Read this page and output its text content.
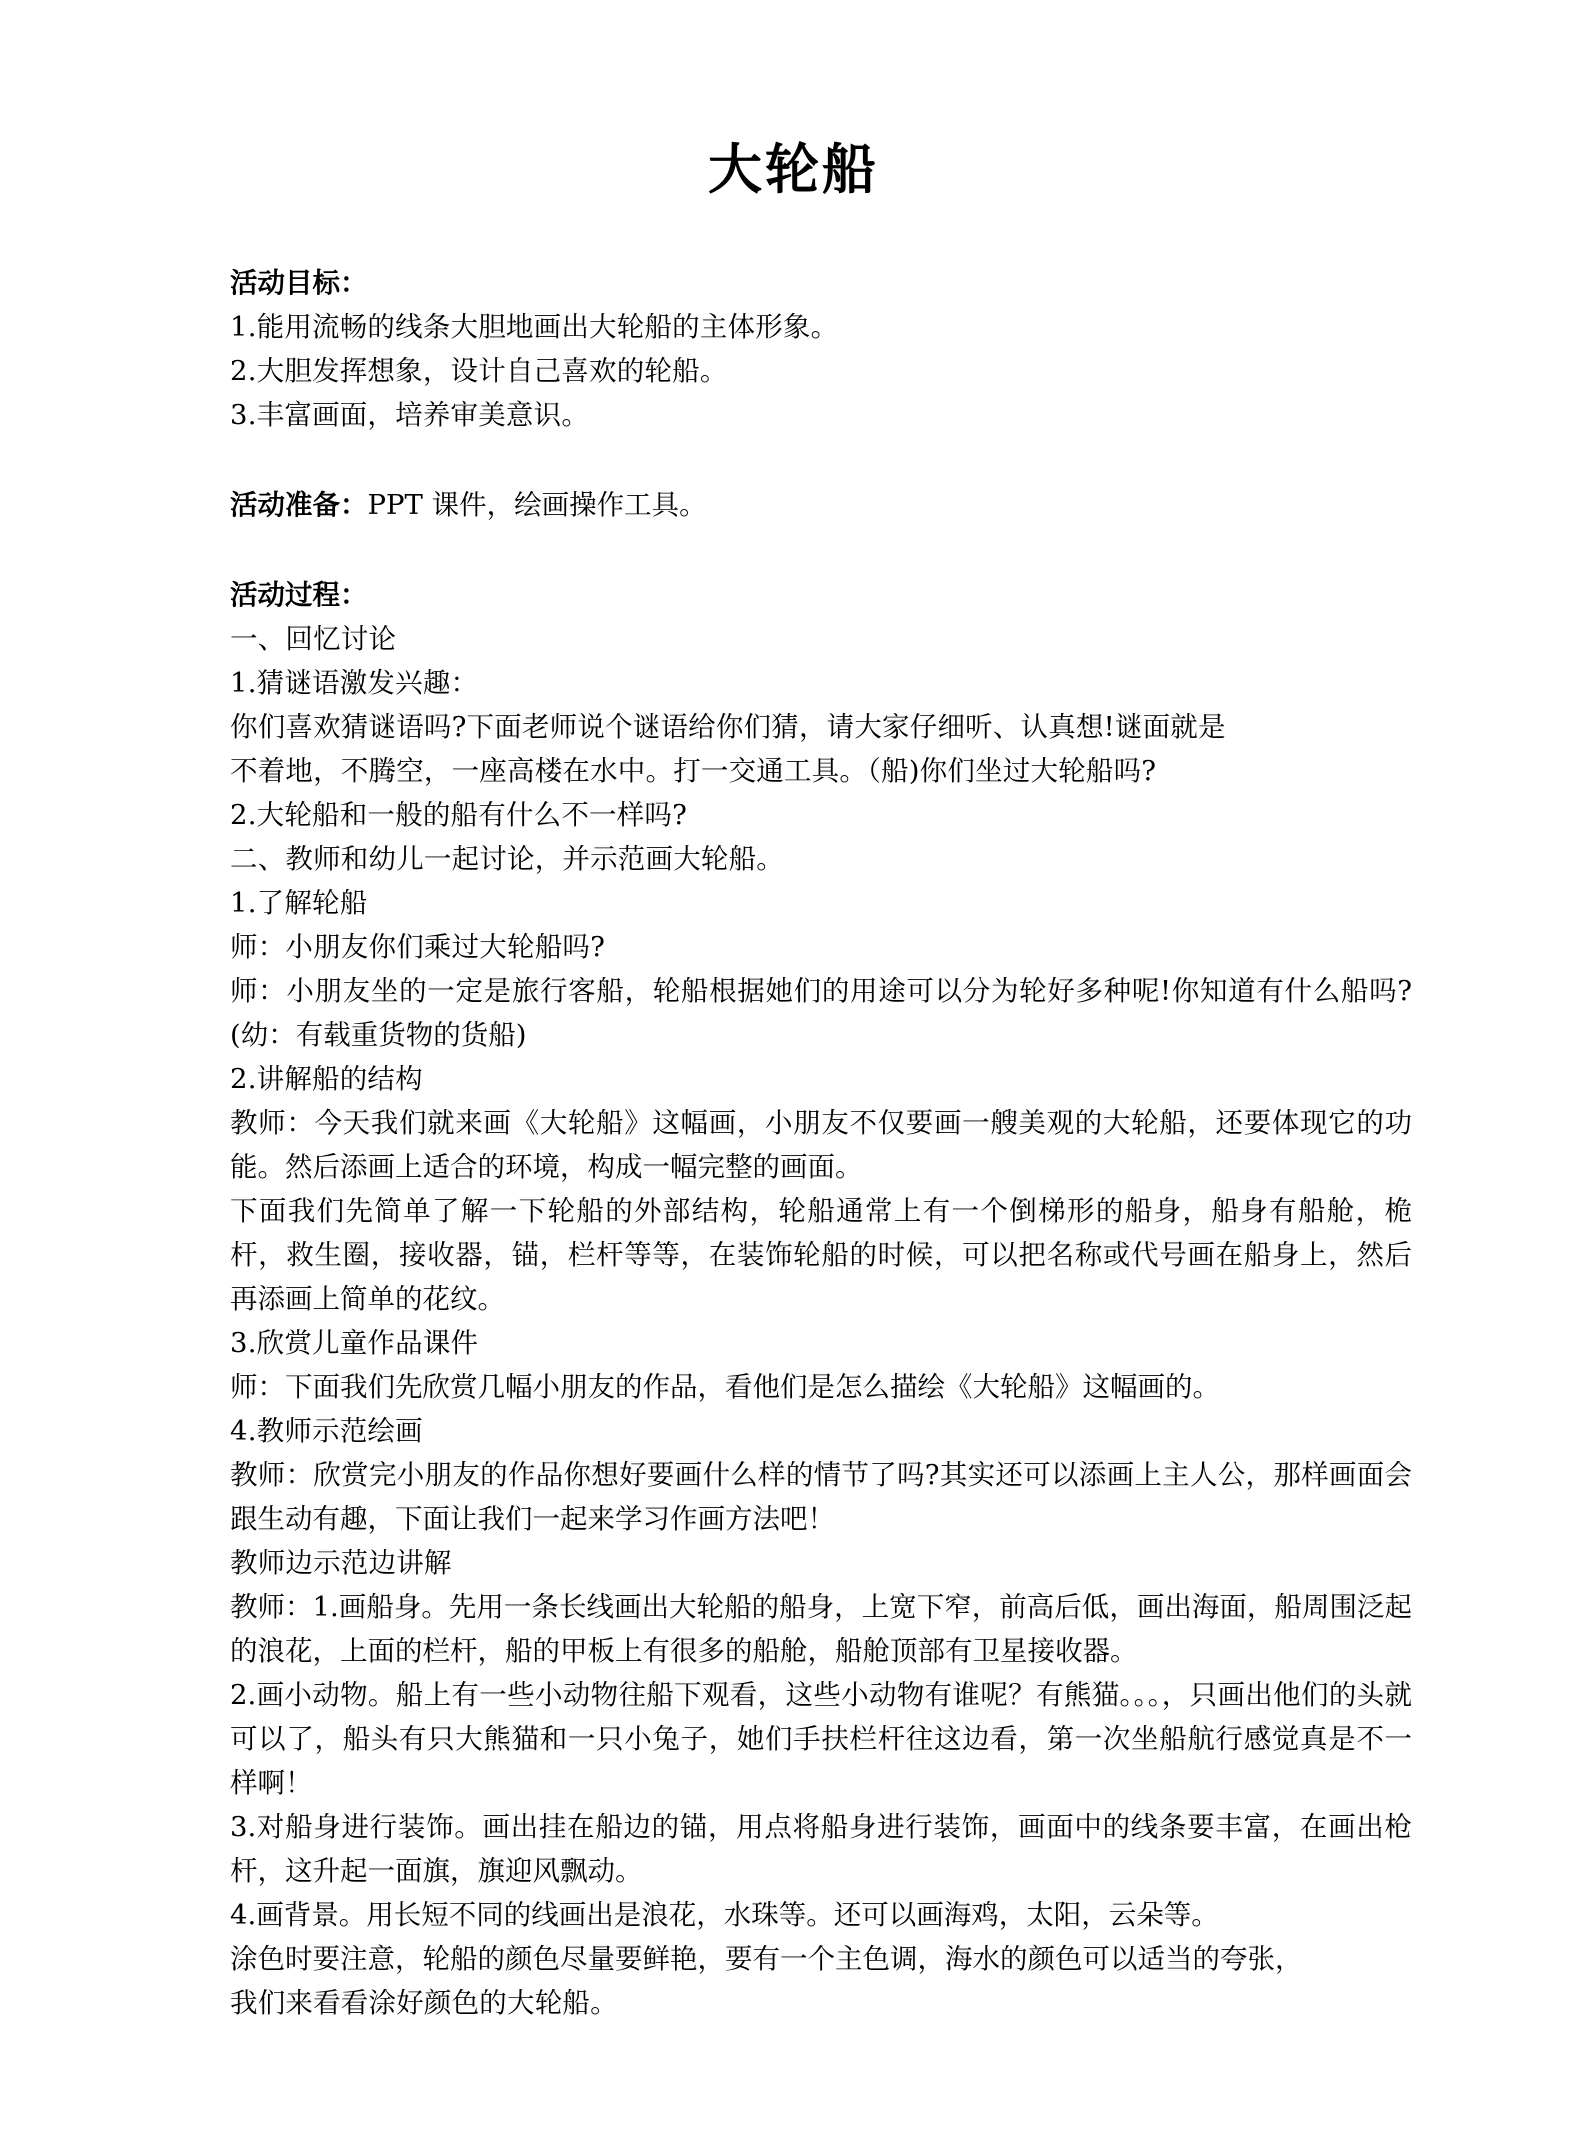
大轮船

活动目标：

1.能用流畅的线条大胆地画出大轮船的主体形象。

2.大胆发挥想象，设计自己喜欢的轮船。

3.丰富画面，培养审美意识。

活动准备：PPT 课件，绘画操作工具。

活动过程：

一、回忆讨论

1.猜谜语激发兴趣：

你们喜欢猜谜语吗?下面老师说个谜语给你们猜，请大家仔细听、认真想!谜面就是

不着地，不腾空，一座高楼在水中。打一交通工具。（船)你们坐过大轮船吗?

2.大轮船和一般的船有什么不一样吗?

二、教师和幼儿一起讨论，并示范画大轮船。

1.了解轮船

师：小朋友你们乘过大轮船吗?

师：小朋友坐的一定是旅行客船，轮船根据她们的用途可以分为轮好多种呢!你知道有什么船吗?(幼：有载重货物的货船)

2.讲解船的结构

教师：今天我们就来画《大轮船》这幅画，小朋友不仅要画一艘美观的大轮船，还要体现它的功能。然后添画上适合的环境，构成一幅完整的画面。

下面我们先简单了解一下轮船的外部结构，轮船通常上有一个倒梯形的船身，船身有船舱，桅杆，救生圈，接收器，锚，栏杆等等，在装饰轮船的时候，可以把名称或代号画在船身上，然后再添画上简单的花纹。

3.欣赏儿童作品课件

师：下面我们先欣赏几幅小朋友的作品，看他们是怎么描绘《大轮船》这幅画的。

4.教师示范绘画

教师：欣赏完小朋友的作品你想好要画什么样的情节了吗?其实还可以添画上主人公，那样画面会跟生动有趣，下面让我们一起来学习作画方法吧！

教师边示范边讲解

教师：1.画船身。先用一条长线画出大轮船的船身，上宽下窄，前高后低，画出海面，船周围泛起的浪花，上面的栏杆，船的甲板上有很多的船舱，船舱顶部有卫星接收器。

2.画小动物。船上有一些小动物往船下观看，这些小动物有谁呢？有熊猫。。。，只画出他们的头就可以了，船头有只大熊猫和一只小兔子，她们手扶栏杆往这边看，第一次坐船航行感觉真是不一样啊！

3.对船身进行装饰。画出挂在船边的锚，用点将船身进行装饰，画面中的线条要丰富，在画出枪杆，这升起一面旗，旗迎风飘动。

4.画背景。用长短不同的线画出是浪花，水珠等。还可以画海鸡，太阳，云朵等。

涂色时要注意，轮船的颜色尽量要鲜艳，要有一个主色调，海水的颜色可以适当的夸张，

我们来看看涂好颜色的大轮船。
